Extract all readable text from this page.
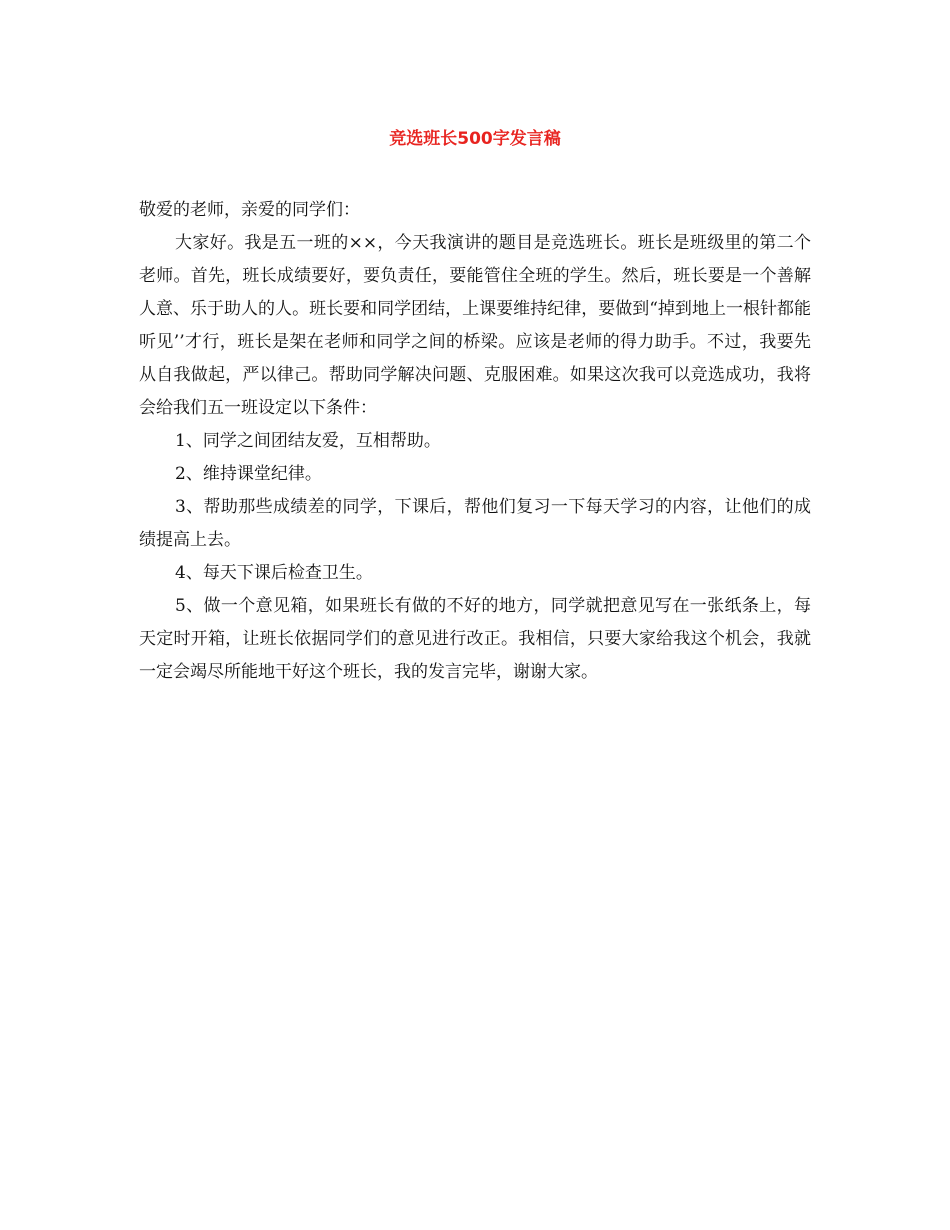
竞选班长500字发言稿

敬爱的老师，亲爱的同学们：

大家好。我是五一班的××，今天我演讲的题目是竞选班长。班长是班级里的第二个老师。首先，班长成绩要好，要负责任，要能管住全班的学生。然后，班长要是一个善解人意、乐于助人的人。班长要和同学团结，上课要维持纪律，要做到“掉到地上一根针都能听见’’才行，班长是架在老师和同学之间的桥梁。应该是老师的得力助手。不过，我要先从自我做起，严以律己。帮助同学解决问题、克服困难。如果这次我可以竞选成功，我将会给我们五一班设定以下条件：

1、同学之间团结友爱，互相帮助。

2、维持课堂纪律。

3、帮助那些成绩差的同学，下课后，帮他们复习一下每天学习的内容，让他们的成绩提高上去。

4、每天下课后检查卫生。

5、做一个意见箱，如果班长有做的不好的地方，同学就把意见写在一张纸条上，每天定时开箱，让班长依据同学们的意见进行改正。我相信，只要大家给我这个机会，我就一定会竭尽所能地干好这个班长，我的发言完毕，谢谢大家。
